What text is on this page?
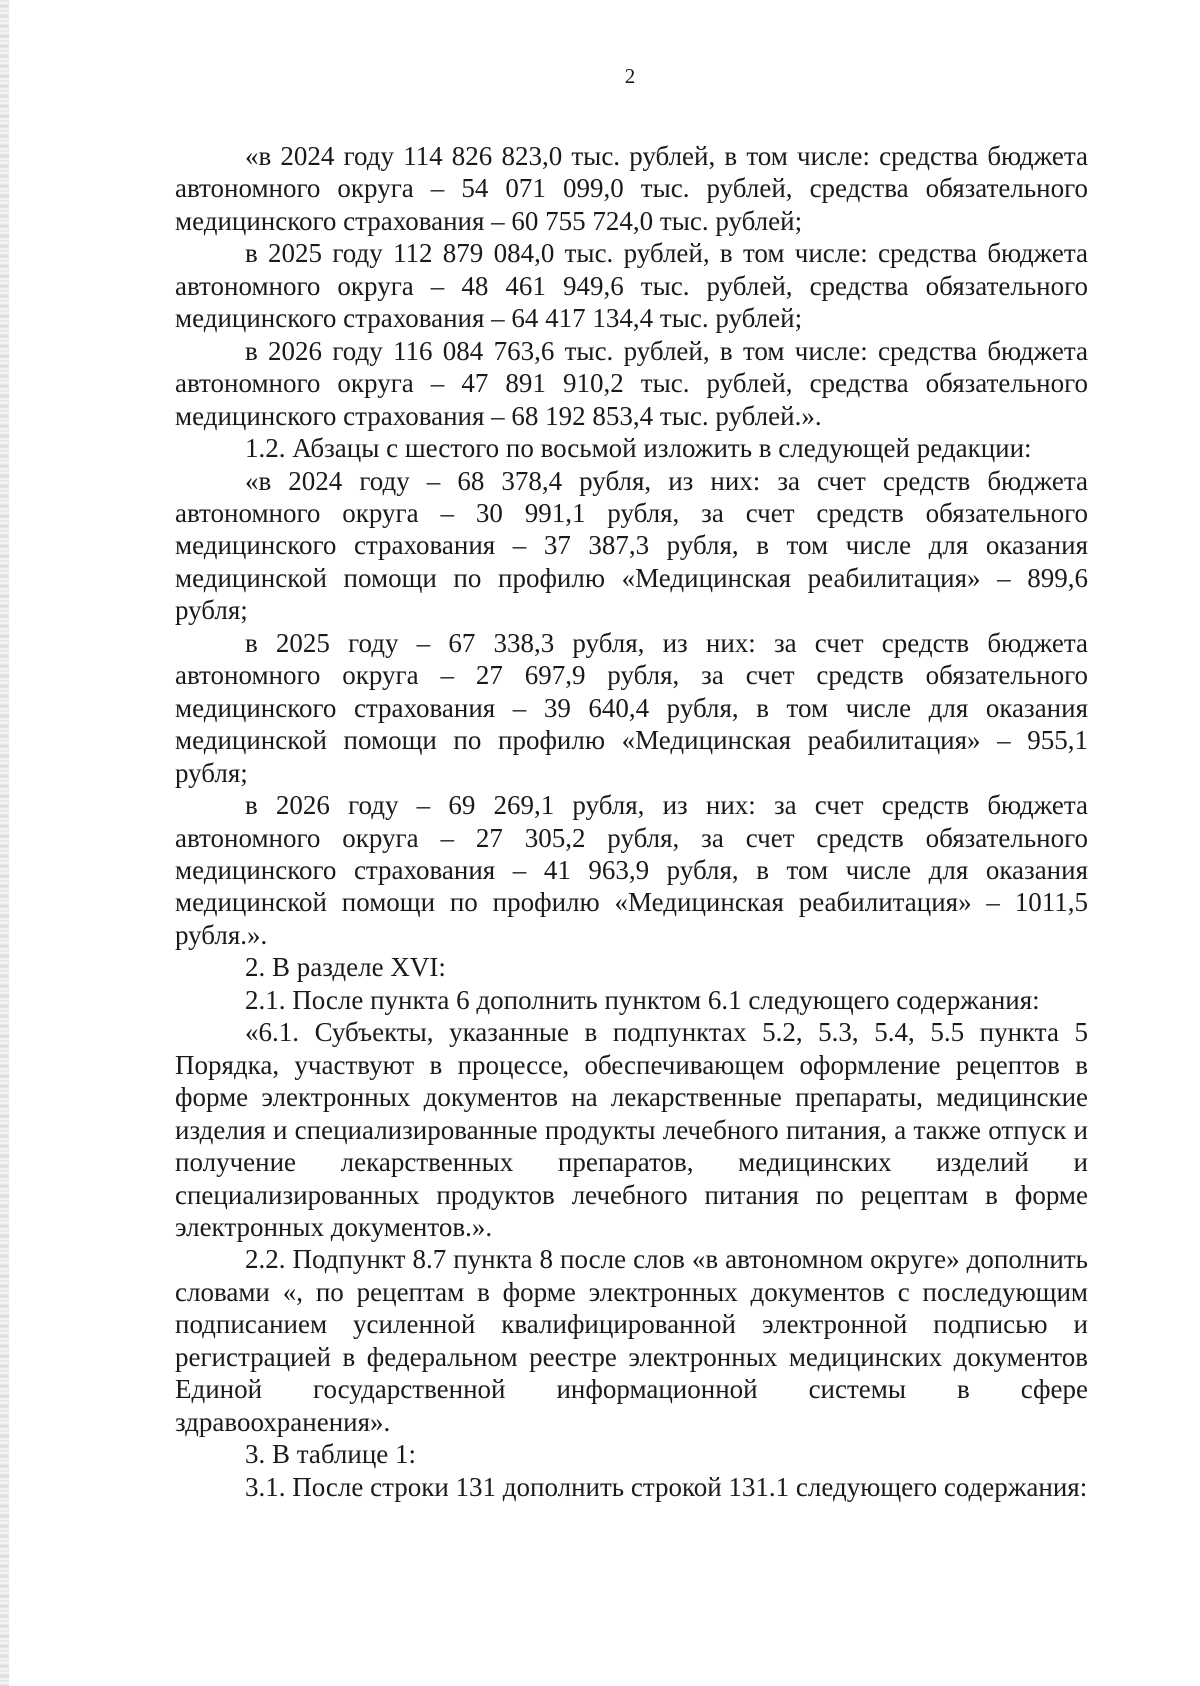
2

«в 2024 году 114 826 823,0 тыс. рублей, в том числе: средства бюджета автономного округа – 54 071 099,0 тыс. рублей, средства обязательного медицинского страхования – 60 755 724,0 тыс. рублей;

в 2025 году 112 879 084,0 тыс. рублей, в том числе: средства бюджета автономного округа – 48 461 949,6 тыс. рублей, средства обязательного медицинского страхования – 64 417 134,4 тыс. рублей;

в 2026 году 116 084 763,6 тыс. рублей, в том числе: средства бюджета автономного округа – 47 891 910,2 тыс. рублей, средства обязательного медицинского страхования – 68 192 853,4 тыс. рублей.».

1.2. Абзацы с шестого по восьмой изложить в следующей редакции:

«в 2024 году – 68 378,4 рубля, из них: за счет средств бюджета автономного округа – 30 991,1 рубля, за счет средств обязательного медицинского страхования – 37 387,3 рубля, в том числе для оказания медицинской помощи по профилю «Медицинская реабилитация» – 899,6 рубля;

в 2025 году – 67 338,3 рубля, из них: за счет средств бюджета автономного округа – 27 697,9 рубля, за счет средств обязательного медицинского страхования – 39 640,4 рубля, в том числе для оказания медицинской помощи по профилю «Медицинская реабилитация» – 955,1 рубля;

в 2026 году – 69 269,1 рубля, из них: за счет средств бюджета автономного округа – 27 305,2 рубля, за счет средств обязательного медицинского страхования – 41 963,9 рубля, в том числе для оказания медицинской помощи по профилю «Медицинская реабилитация» – 1011,5 рубля.».

2. В разделе XVI:

2.1. После пункта 6 дополнить пунктом 6.1 следующего содержания:

«6.1. Субъекты, указанные в подпунктах 5.2, 5.3, 5.4, 5.5 пункта 5 Порядка, участвуют в процессе, обеспечивающем оформление рецептов в форме электронных документов на лекарственные препараты, медицинские изделия и специализированные продукты лечебного питания, а также отпуск и получение лекарственных препаратов, медицинских изделий и специализированных продуктов лечебного питания по рецептам в форме электронных документов.».

2.2. Подпункт 8.7 пункта 8 после слов «в автономном округе» дополнить словами «, по рецептам в форме электронных документов с последующим подписанием усиленной квалифицированной электронной подписью и регистрацией в федеральном реестре электронных медицинских документов Единой государственной информационной системы в сфере здравоохранения».

3. В таблице 1:

3.1. После строки 131 дополнить строкой 131.1 следующего содержания:
